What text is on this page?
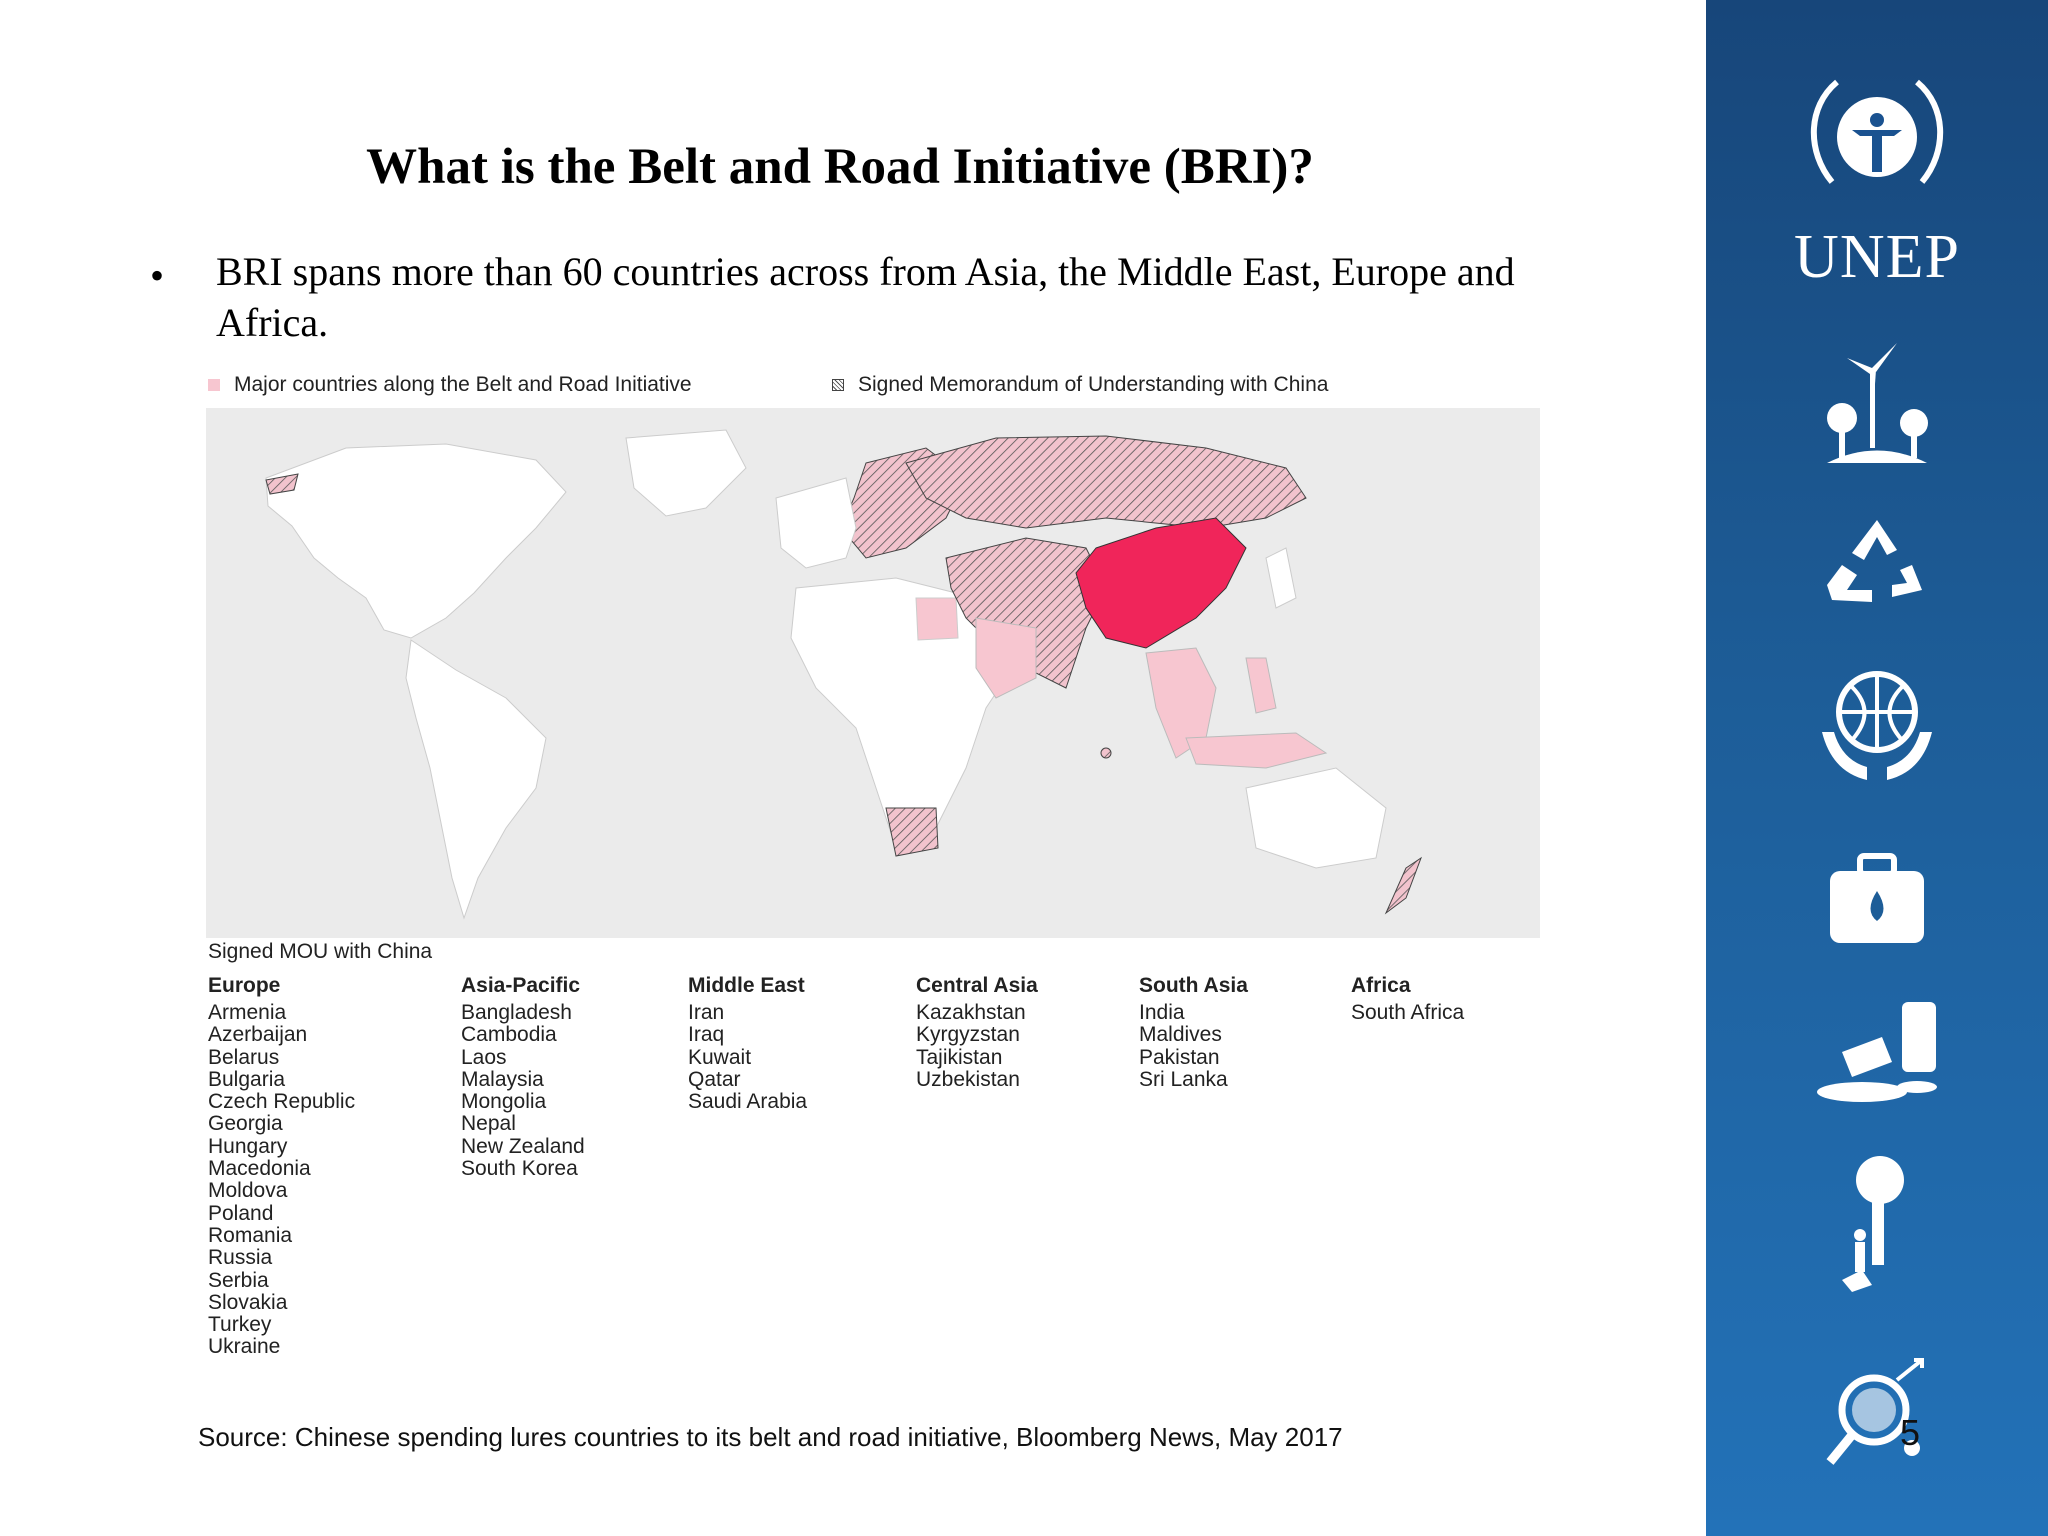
What is the Belt and Road Initiative (BRI)?
• BRI spans more than 60 countries across from Asia, the Middle East, Europe and Africa.
Major countries along the Belt and Road Initiative	Signed Memorandum of Understanding with China
Signed MOU with China
Europe
Armenia
Azerbaijan
Belarus
Bulgaria
Czech Republic
Georgia
Hungary
Macedonia
Moldova
Poland
Romania
Russia
Serbia
Slovakia
Turkey
Ukraine
Asia-Pacific
Bangladesh
Cambodia
Laos
Malaysia
Mongolia
Nepal
New Zealand
South Korea
Middle East
Iran
Iraq
Kuwait
Qatar
Saudi Arabia
Central Asia
Kazakhstan
Kyrgyzstan
Tajikistan
Uzbekistan
South Asia
India
Maldives
Pakistan
Sri Lanka
Africa
South Africa
Source: Chinese spending lures countries to its belt and road initiative, Bloomberg News, May 2017
UNEP
5
